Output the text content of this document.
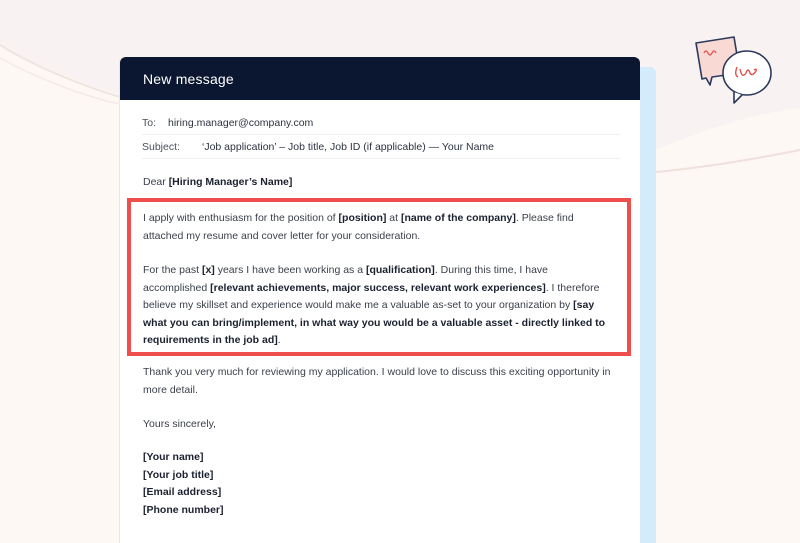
New message
To:	hiring.manager@company.com
Subject:	‘Job application’ – Job title, Job ID (if applicable) — Your Name
Dear [Hiring Manager’s Name]

I apply with enthusiasm for the position of [position] at [name of the company]. Please find attached my resume and cover letter for your consideration.

For the past [x] years I have been working as a [qualification]. During this time, I have accomplished [relevant achievements, major success, relevant work experiences]. I therefore believe my skillset and experience would make me a valuable as-set to your organization by [say what you can bring/implement, in what way you would be a valuable asset - directly linked to requirements in the job ad].

Thank you very much for reviewing my application. I would love to discuss this exciting opportunity in more detail.

Yours sincerely,

[Your name]
[Your job title]
[Email address]
[Phone number]
